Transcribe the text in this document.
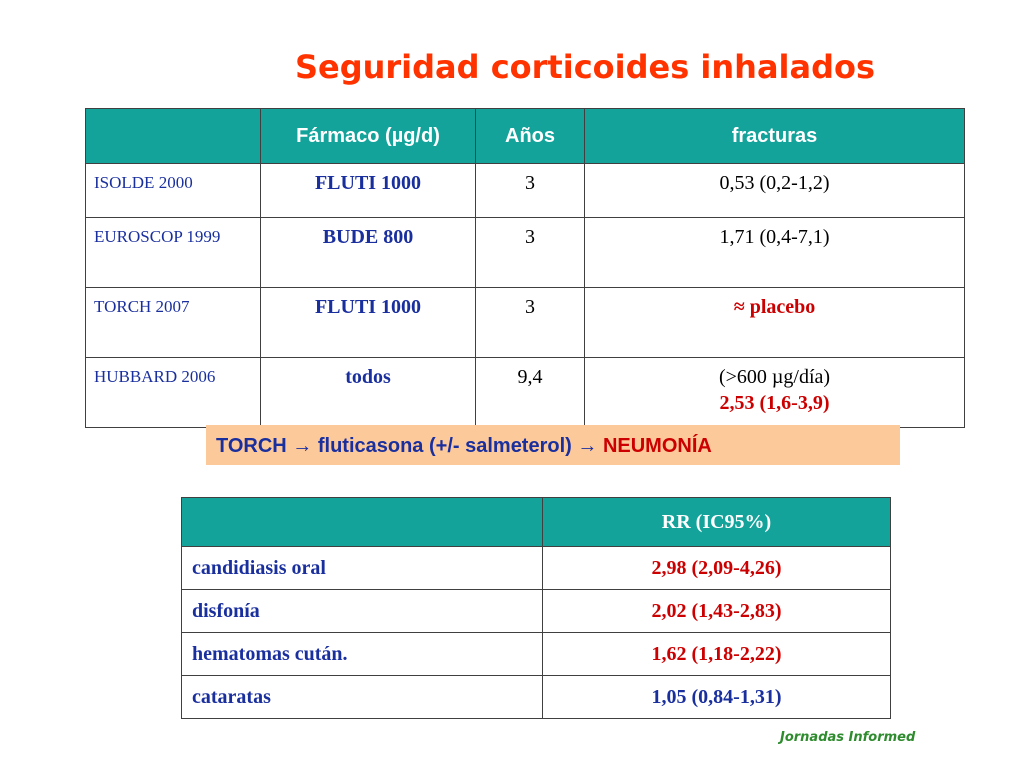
Seguridad corticoides inhalados
	Fármaco (µg/d)	Años	fracturas
ISOLDE 2000	FLUTI 1000	3	0,53 (0,2-1,2)
EUROSCOP 1999	BUDE 800	3	1,71 (0,4-7,1)
TORCH 2007	FLUTI 1000	3	≈ placebo
HUBBARD 2006	todos	9,4	(>600 µg/día)
2,53 (1,6-3,9)
TORCH → fluticasona (+/- salmeterol) → NEUMONÍA
	RR (IC95%)
candidiasis oral	2,98 (2,09-4,26)
disfonía	2,02 (1,43-2,83)
hematomas cután.	1,62 (1,18-2,22)
cataratas	1,05 (0,84-1,31)
Jornadas Informed
